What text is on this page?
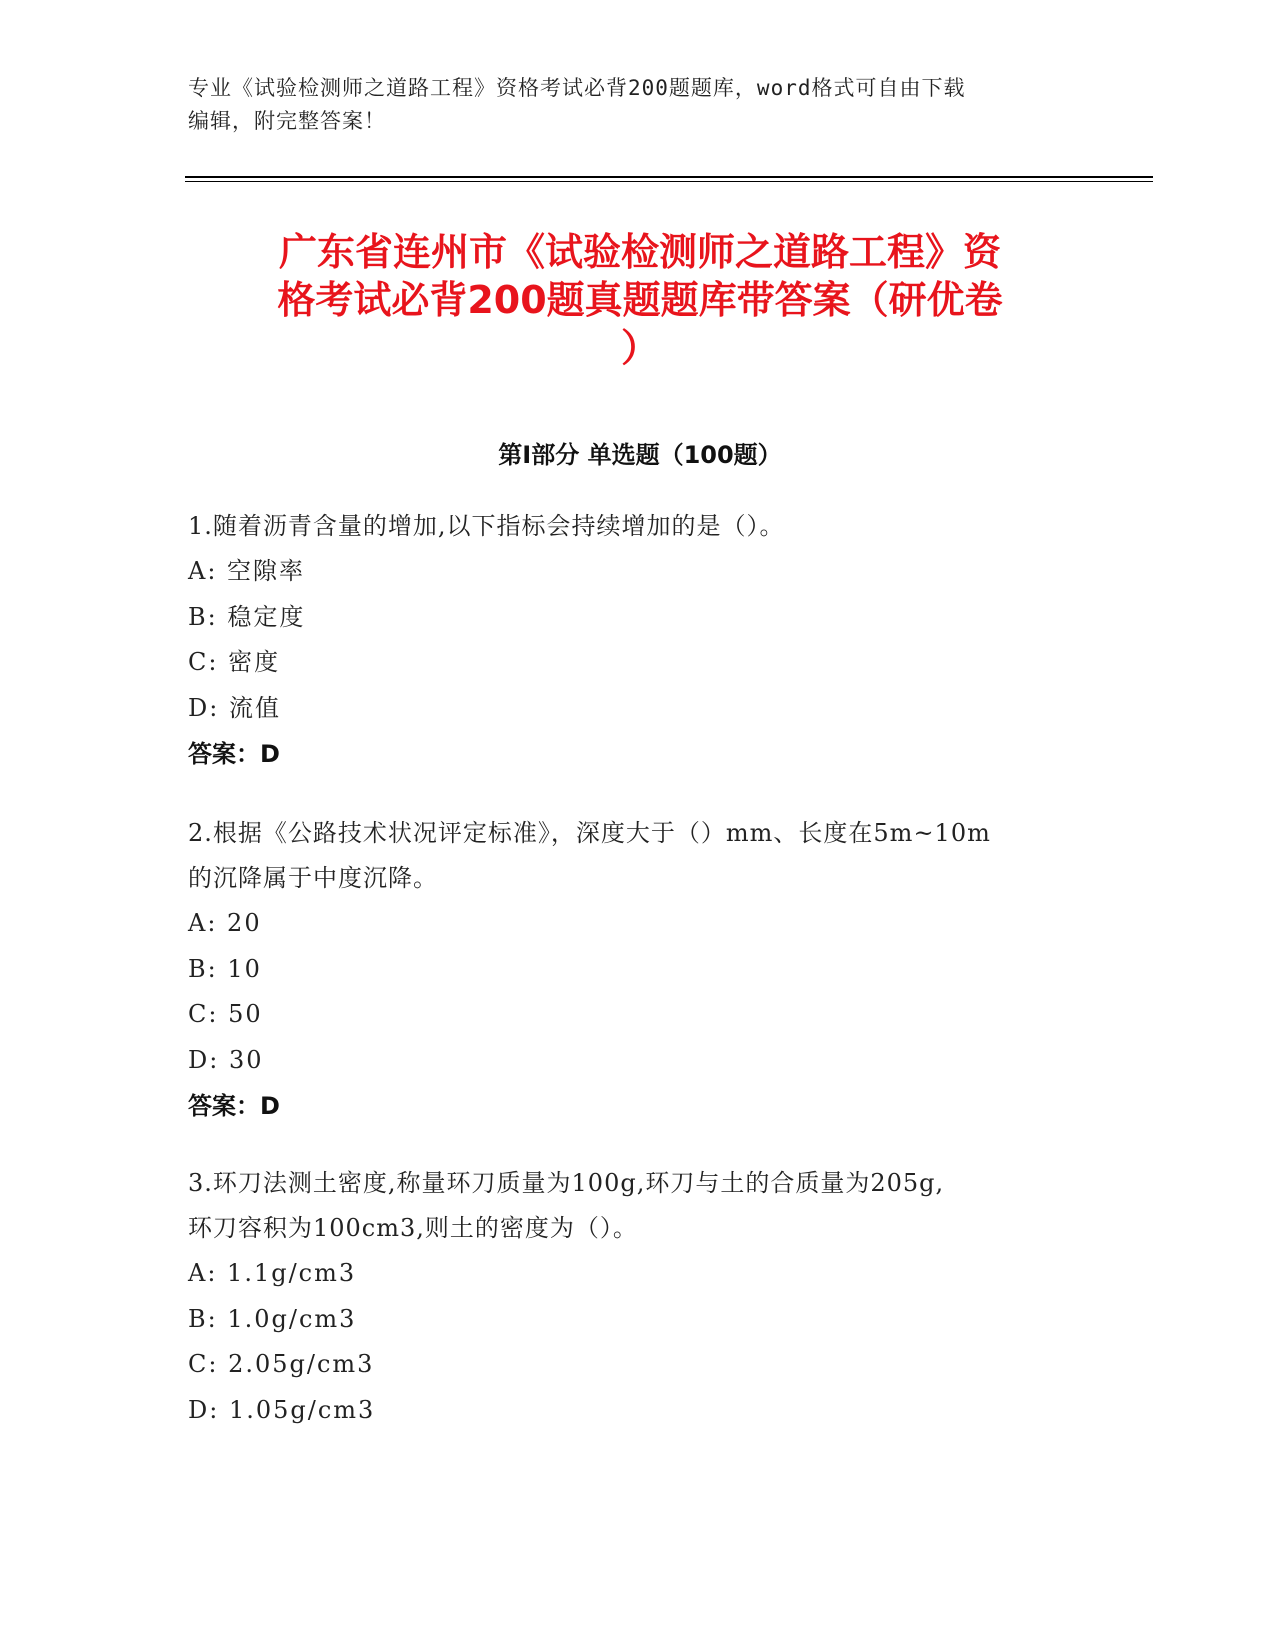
专业《试验检测师之道路工程》资格考试必背200题题库，word格式可自由下载
编辑，附完整答案！
广东省连州市《试验检测师之道路工程》资
格考试必背200题真题题库带答案（研优卷
）
第Ⅰ部分 单选题（100题）
1.随着沥青含量的增加,以下指标会持续增加的是（）。
A: 空隙率
B: 稳定度
C: 密度
D: 流值
答案：D
2.根据《公路技术状况评定标准》，深度大于（）mm、长度在5m~10m
的沉降属于中度沉降。
A: 20
B: 10
C: 50
D: 30
答案：D
3.环刀法测土密度,称量环刀质量为100g,环刀与土的合质量为205g,
环刀容积为100cm3,则土的密度为（）。
A: 1.1g/cm3
B: 1.0g/cm3
C: 2.05g/cm3
D: 1.05g/cm3
